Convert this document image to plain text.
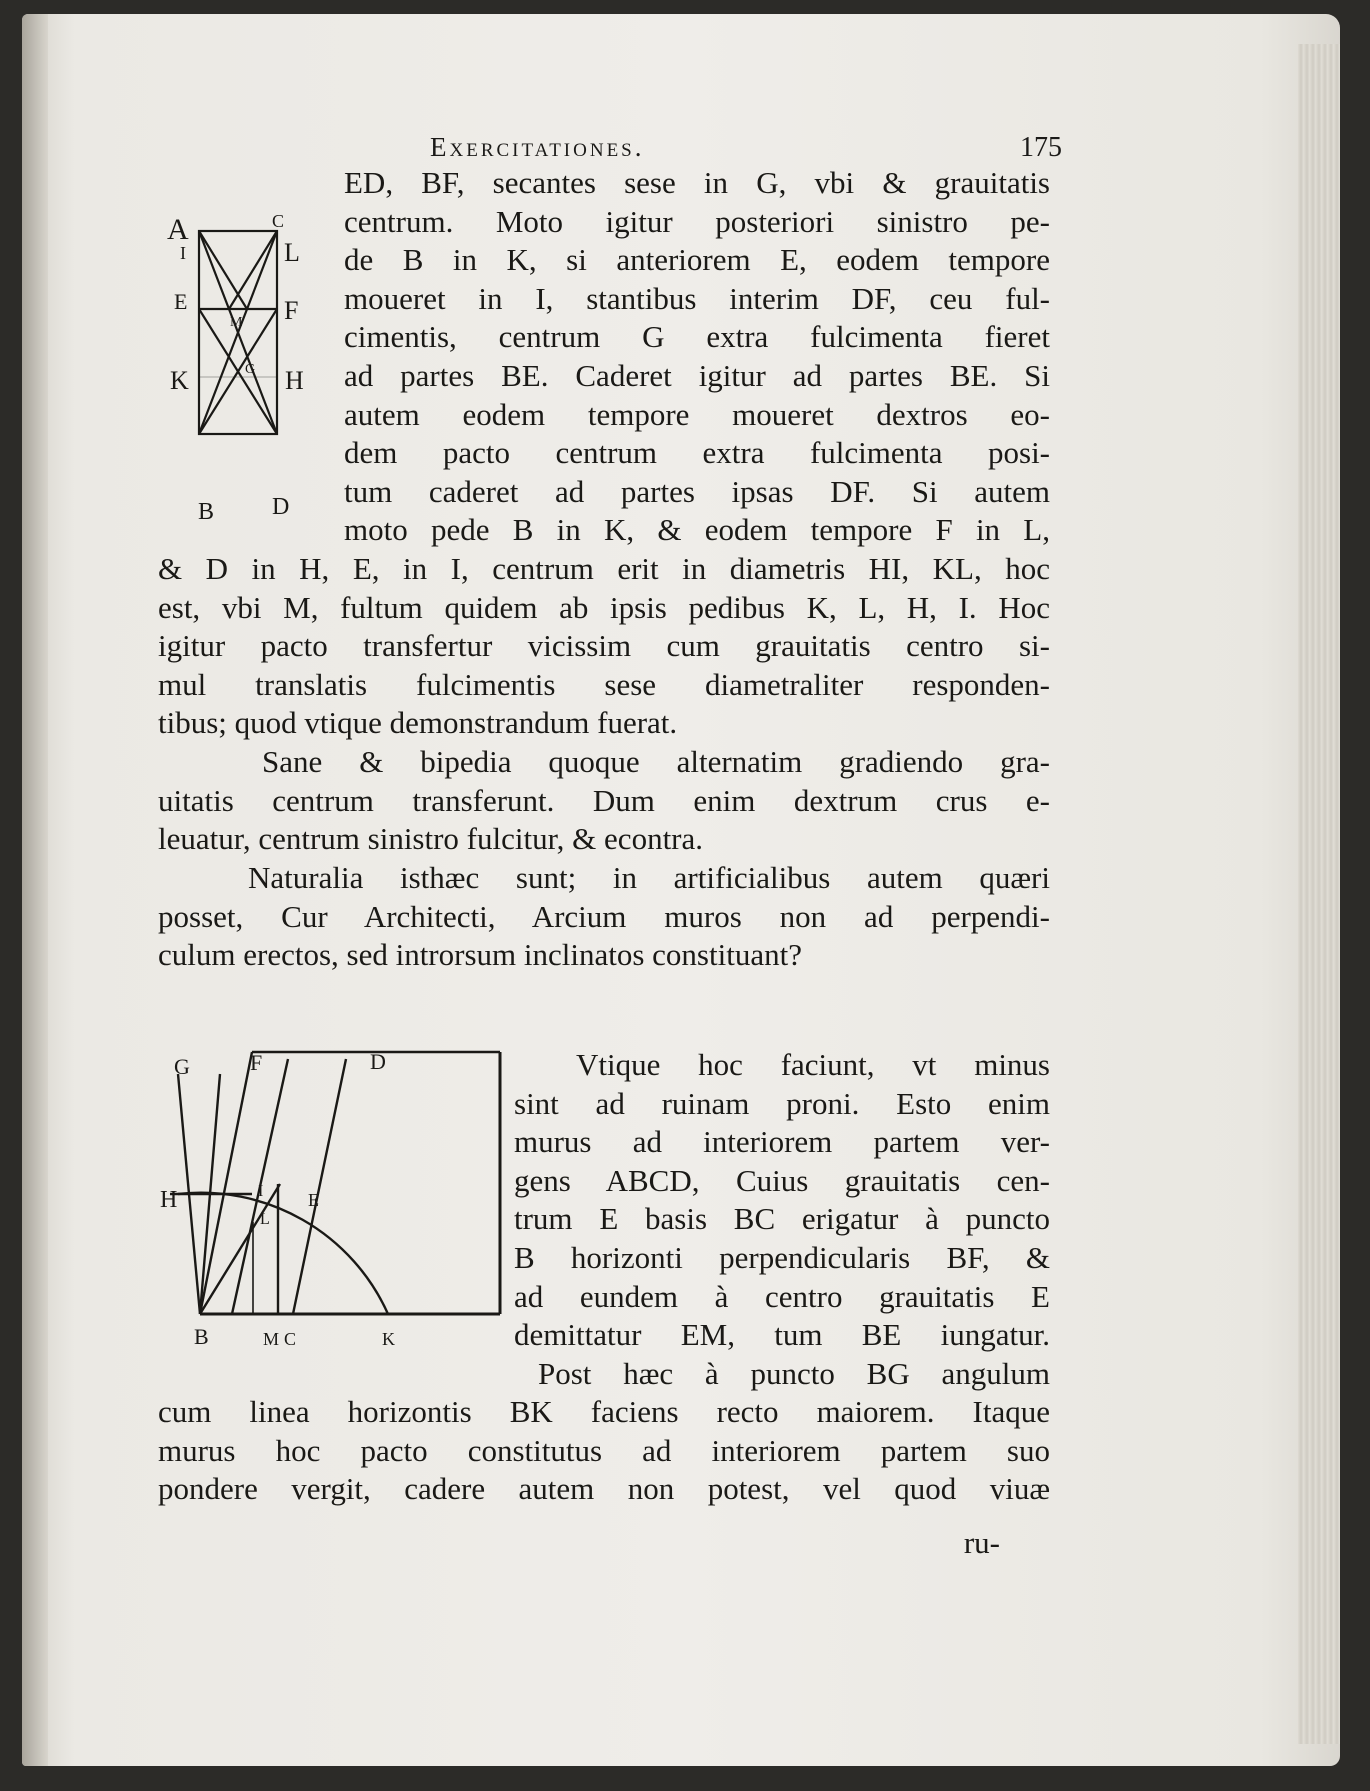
Exercitationes.	175
A	C
I	L
E	F
M
G
K	H
B D
ED, BF, secantes sese in G, vbi & grauitatis
centrum. Moto igitur posteriori sinistro pe-
de B in K, si anteriorem E, eodem tempore
moueret in I, stantibus interim DF, ceu ful-
cimentis, centrum G extra fulcimenta fieret
ad partes BE. Caderet igitur ad partes BE. Si
autem eodem tempore moueret dextros eo-
dem pacto centrum extra fulcimenta posi-
tum caderet ad partes ipsas DF. Si autem
moto pede B in K, & eodem tempore F in L,
& D in H, E, in I, centrum erit in diametris HI, KL, hoc
est, vbi M, fultum quidem ab ipsis pedibus K, L, H, I. Hoc
igitur pacto transfertur vicissim cum grauitatis centro si-
mul translatis fulcimentis sese diametraliter responden-
tibus; quod vtique demonstrandum fuerat.
Sane & bipedia quoque alternatim gradiendo gra-
uitatis centrum transferunt. Dum enim dextrum crus e-
leuatur, centrum sinistro fulcitur, & econtra.
Naturalia isthæc sunt; in artificialibus autem quæri
posset, Cur Architecti, Arcium muros non ad perpendi-
culum erectos, sed introrsum inclinatos constituant?
G	F	D
H	I
L
E
B	M C	K
Vtique hoc faciunt, vt minus
sint ad ruinam proni. Esto enim
murus ad interiorem partem ver-
gens ABCD, Cuius grauitatis cen-
trum E basis BC erigatur à puncto
B horizonti perpendicularis BF, &
ad eundem à centro grauitatis E
demittatur EM, tum BE iungatur.
Post hæc à puncto BG angulum
cum linea horizontis BK faciens recto maiorem. Itaque
murus hoc pacto constitutus ad interiorem partem suo
pondere vergit, cadere autem non potest, vel quod viuæ
ru-
